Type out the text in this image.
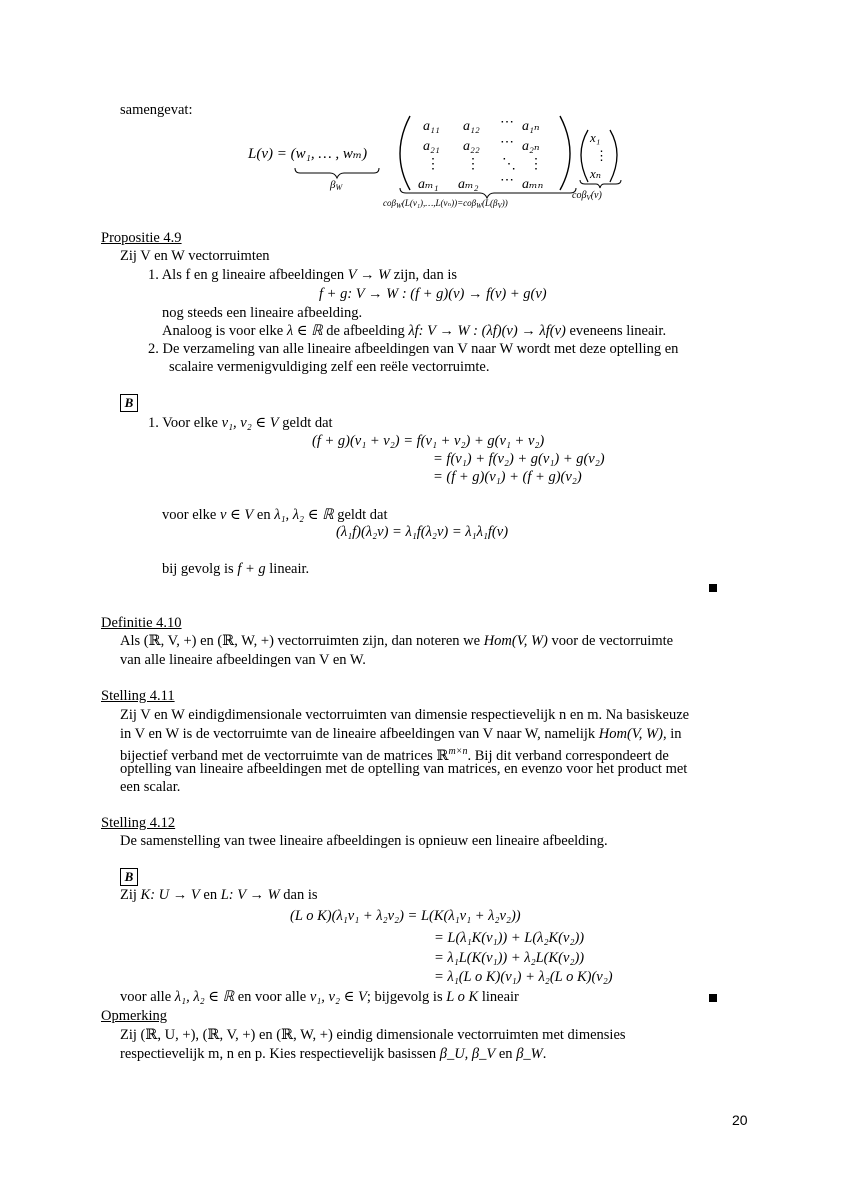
samengevat:
L(v) = (w₁, … , wₘ)
βW
a₁₁ a₁₂ ⋯ a₁ₙ
a₂₁ a₂₂ ⋯ a₂ₙ
⋮ ⋮ ⋱ ⋮
aₘ₁ aₘ₂ ⋯ aₘₙ
$co\beta_W(L(v_1),\dots,L(v_n))=co\beta_W(L(\beta_V))$
x₁
⋮
xₙ
coβ$_V$(v)
Propositie 4.9
Zij V en W vectorruimten
1. Als f en g lineaire afbeeldingen V → W zijn, dan is
f + g: V → W : (f + g)(v) → f(v) + g(v)
nog steeds een lineaire afbeelding.
Analoog is voor elke λ ∈ ℝ de afbeelding λf: V → W : (λf)(v) → λf(v) eveneens lineair.
2. De verzameling van alle lineaire afbeeldingen van V naar W wordt met deze optelling en
scalaire vermenigvuldiging zelf een reële vectorruimte.
B
1. Voor elke v₁, v₂ ∈ V geldt dat
(f + g)(v₁ + v₂) = f(v₁ + v₂) + g(v₁ + v₂)
= f(v₁) + f(v₂) + g(v₁) + g(v₂)
= (f + g)(v₁) + (f + g)(v₂)
voor elke v ∈ V en λ₁, λ₂ ∈ ℝ geldt dat
(λ₁f)(λ₂v) = λ₁f(λ₂v) = λ₁λ₁f(v)
bij gevolg is f + g lineair.
Definitie 4.10
Als (ℝ, V, +) en (ℝ, W, +) vectorruimten zijn, dan noteren we Hom(V, W) voor de vectorruimte
van alle lineaire afbeeldingen van V en W.
Stelling 4.11
Zij V en W eindigdimensionale vectorruimten van dimensie respectievelijk n en m. Na basiskeuze
in V en W is de vectorruimte van de lineaire afbeeldingen van V naar W, namelijk Hom(V, W), in
bijectief verband met de vectorruimte van de matrices ℝ$^{m\times n}$. Bij dit verband correspondeert de
optelling van lineaire afbeeldingen met de optelling van matrices, en evenzo voor het product met
een scalar.
Stelling 4.12
De samenstelling van twee lineaire afbeeldingen is opnieuw een lineaire afbeelding.
B
Zij K: U → V en L: V → W dan is
(L o K)(λ₁v₁ + λ₂v₂) = L(K(λ₁v₁ + λ₂v₂))
= L(λ₁K(v₁)) + L(λ₂K(v₂))
= λ₁L(K(v₁)) + λ₂L(K(v₂))
= λ₁(L o K)(v₁) + λ₂(L o K)(v₂)
voor alle λ₁, λ₂ ∈ ℝ en voor alle v₁, v₂ ∈ V; bijgevolg is L o K lineair
Opmerking
Zij (ℝ, U, +), (ℝ, V, +) en (ℝ, W, +) eindig dimensionale vectorruimten met dimensies
respectievelijk m, n en p. Kies respectievelijk basissen β_U, β_V en β_W.
20
